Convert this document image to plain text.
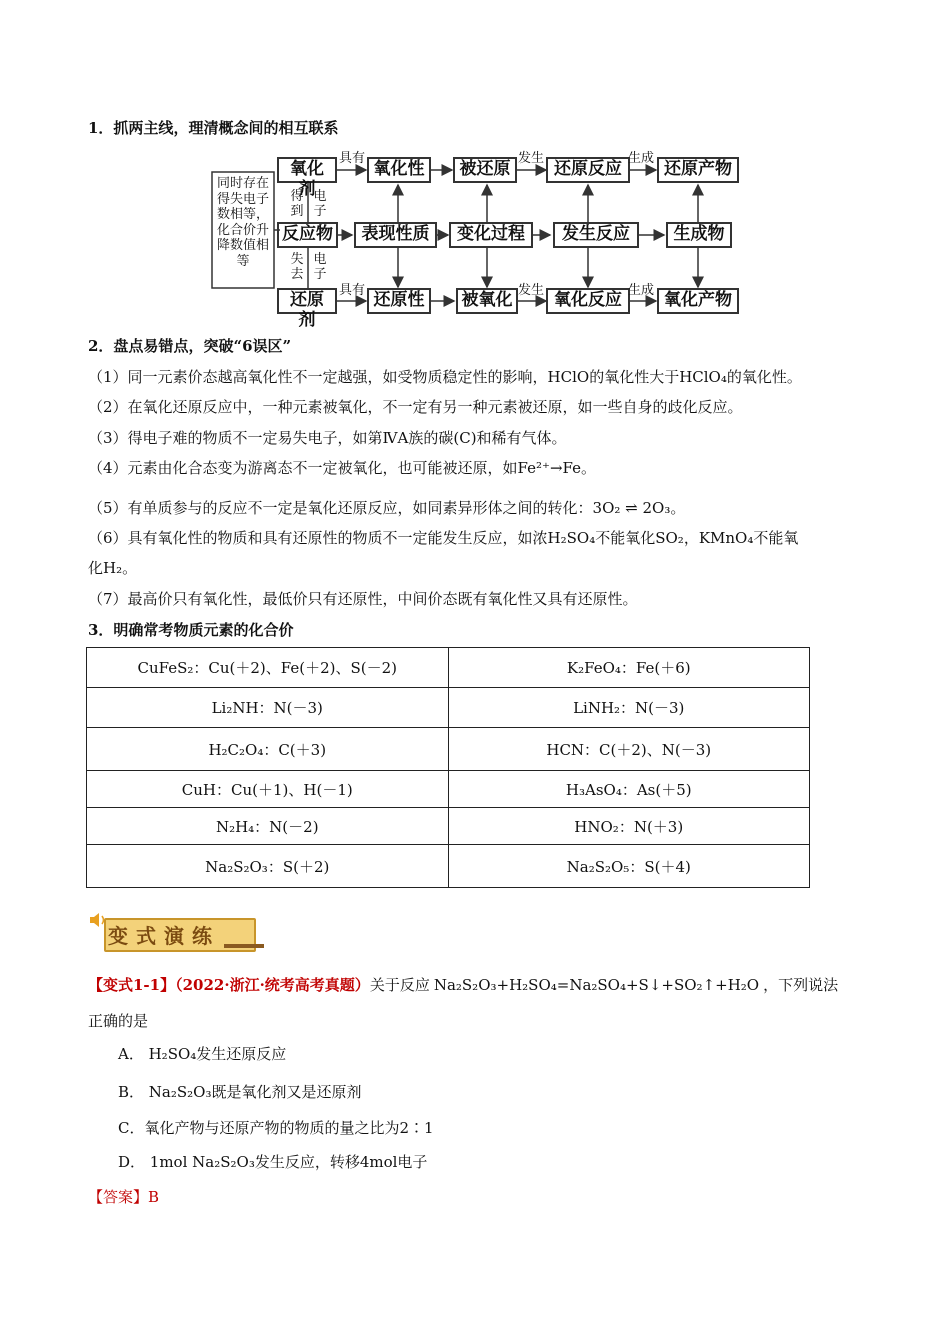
1．抓两主线，理清概念间的相互联系
氧化剂
氧化性	被还原	还原反应	还原产物
反应物	表现性质	变化过程	发生反应	生成物
还原剂
还原性	被氧化	氧化反应	氧化产物
具有	发生	生成
具有	发生	生成
得
到
电
子
失
去
电
子
同时存在得失电子数相等，化合价升降数值相等
2．盘点易错点，突破“6误区”
（1）同一元素价态越高氧化性不一定越强，如受物质稳定性的影响，HClO的氧化性大于HClO₄的氧化性。
（2）在氧化还原反应中，一种元素被氧化，不一定有另一种元素被还原，如一些自身的歧化反应。
（3）得电子难的物质不一定易失电子，如第ⅣA族的碳(C)和稀有气体。
（4）元素由化合态变为游离态不一定被氧化，也可能被还原，如Fe²⁺→Fe。
（5）有单质参与的反应不一定是氧化还原反应，如同素异形体之间的转化：3O₂ ⇌ 2O₃。
（6）具有氧化性的物质和具有还原性的物质不一定能发生反应，如浓H₂SO₄不能氧化SO₂，KMnO₄不能氧
化H₂。
（7）最高价只有氧化性，最低价只有还原性，中间价态既有氧化性又具有还原性。
3．明确常考物质元素的化合价
CuFeS₂：Cu(＋2)、Fe(＋2)、S(－2)	K₂FeO₄：Fe(＋6)
Li₂NH：N(－3)	LiNH₂：N(－3)
H₂C₂O₄：C(＋3)	HCN：C(＋2)、N(－3)
CuH：Cu(＋1)、H(－1)	H₃AsO₄：As(＋5)
N₂H₄：N(－2)	HNO₂：N(＋3)
Na₂S₂O₃：S(＋2)	Na₂S₂O₅：S(＋4)
变式演练
【变式1-1】（2022·浙江·统考高考真题）关于反应 Na₂S₂O₃+H₂SO₄=Na₂SO₄+S↓+SO₂↑+H₂O ，下列说法
正确的是
A． H₂SO₄发生还原反应
B． Na₂S₂O₃既是氧化剂又是还原剂
C．氧化产物与还原产物的物质的量之比为2∶1
D． 1mol Na₂S₂O₃发生反应，转移4mol电子
【答案】B
